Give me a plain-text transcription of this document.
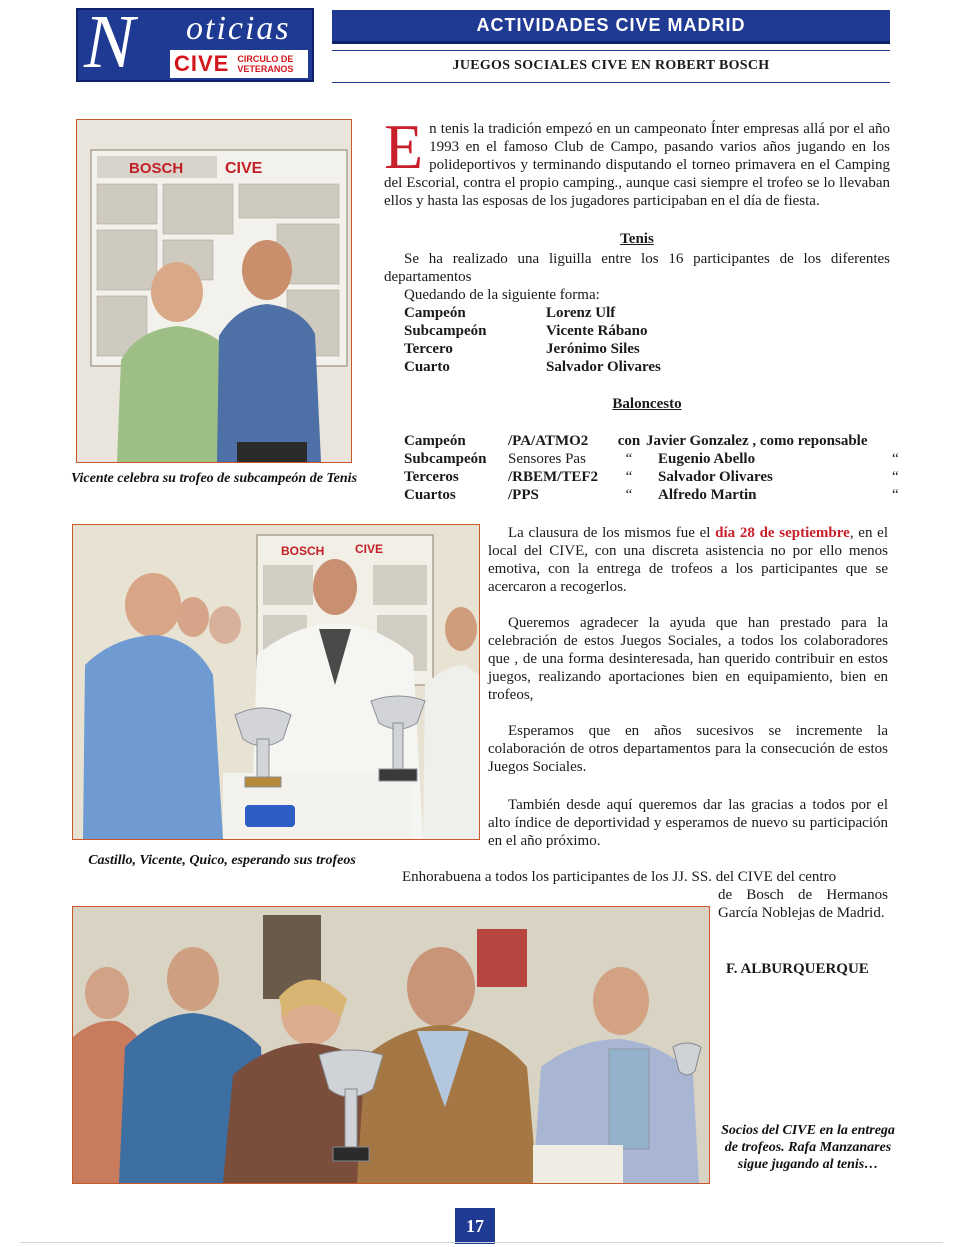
N oticias
CIVE CIRCULO DE
VETERANOS
ACTIVIDADES CIVE MADRID
JUEGOS SOCIALES CIVE EN ROBERT BOSCH
BOSCH	CIVE
Vicente celebra su trofeo de subcampeón de Tenis
En tenis la tradición empezó en un campeonato Ínter empresas allá por el año 1993 en el famoso Club de Campo, pasando varios años jugando en los polideportivos y terminando disputando el torneo primavera en el Camping del Escorial, contra el propio camping., aunque casi siempre el trofeo se lo llevaban ellos y hasta las esposas de los jugadores participaban en el día de fiesta.
Tenis
Se ha realizado una liguilla entre los 16 participantes de los diferentes departamentos
Quedando de la siguiente forma:
Campeón	Lorenz Ulf
Subcampeón	Vicente Rábano
Tercero	Jerónimo Siles
Cuarto	Salvador Olivares
Baloncesto
Campeón	/PA/ATMO2	con	Javier Gonzalez , como reponsable	
Subcampeón	Sensores Pas	“	Eugenio Abello	“
Terceros	/RBEM/TEF2	“	Salvador Olivares	“
Cuartos	/PPS	“	Alfredo Martin	“
BOSCH	CIVE
Castillo, Vicente, Quico, esperando sus trofeos
La clausura de los mismos fue el día 28 de septiembre, en el local del CIVE, con una discreta asistencia no por ello menos emotiva, con la entrega de trofeos a los participantes que se acercaron a recogerlos.
Queremos agradecer la ayuda que han prestado para la celebración de estos Juegos Sociales, a todos los colaboradores que , de una forma desinteresada, han querido contribuir en estos juegos, realizando aportaciones bien en equipamiento, bien en trofeos,
Esperamos que en años sucesivos se incremente la colaboración de otros departamentos para la consecución de estos Juegos Sociales.
También desde aquí queremos dar las gracias a todos por el alto índice de deportividad y esperamos de nuevo su participación en el año próximo.
Enhorabuena a todos los participantes de los JJ. SS. del CIVE del centro
de Bosch de Hermanos García Noblejas de Madrid.
F. ALBURQUERQUE
Socios del CIVE en la entrega de trofeos. Rafa Manzanares sigue jugando al tenis…
17
